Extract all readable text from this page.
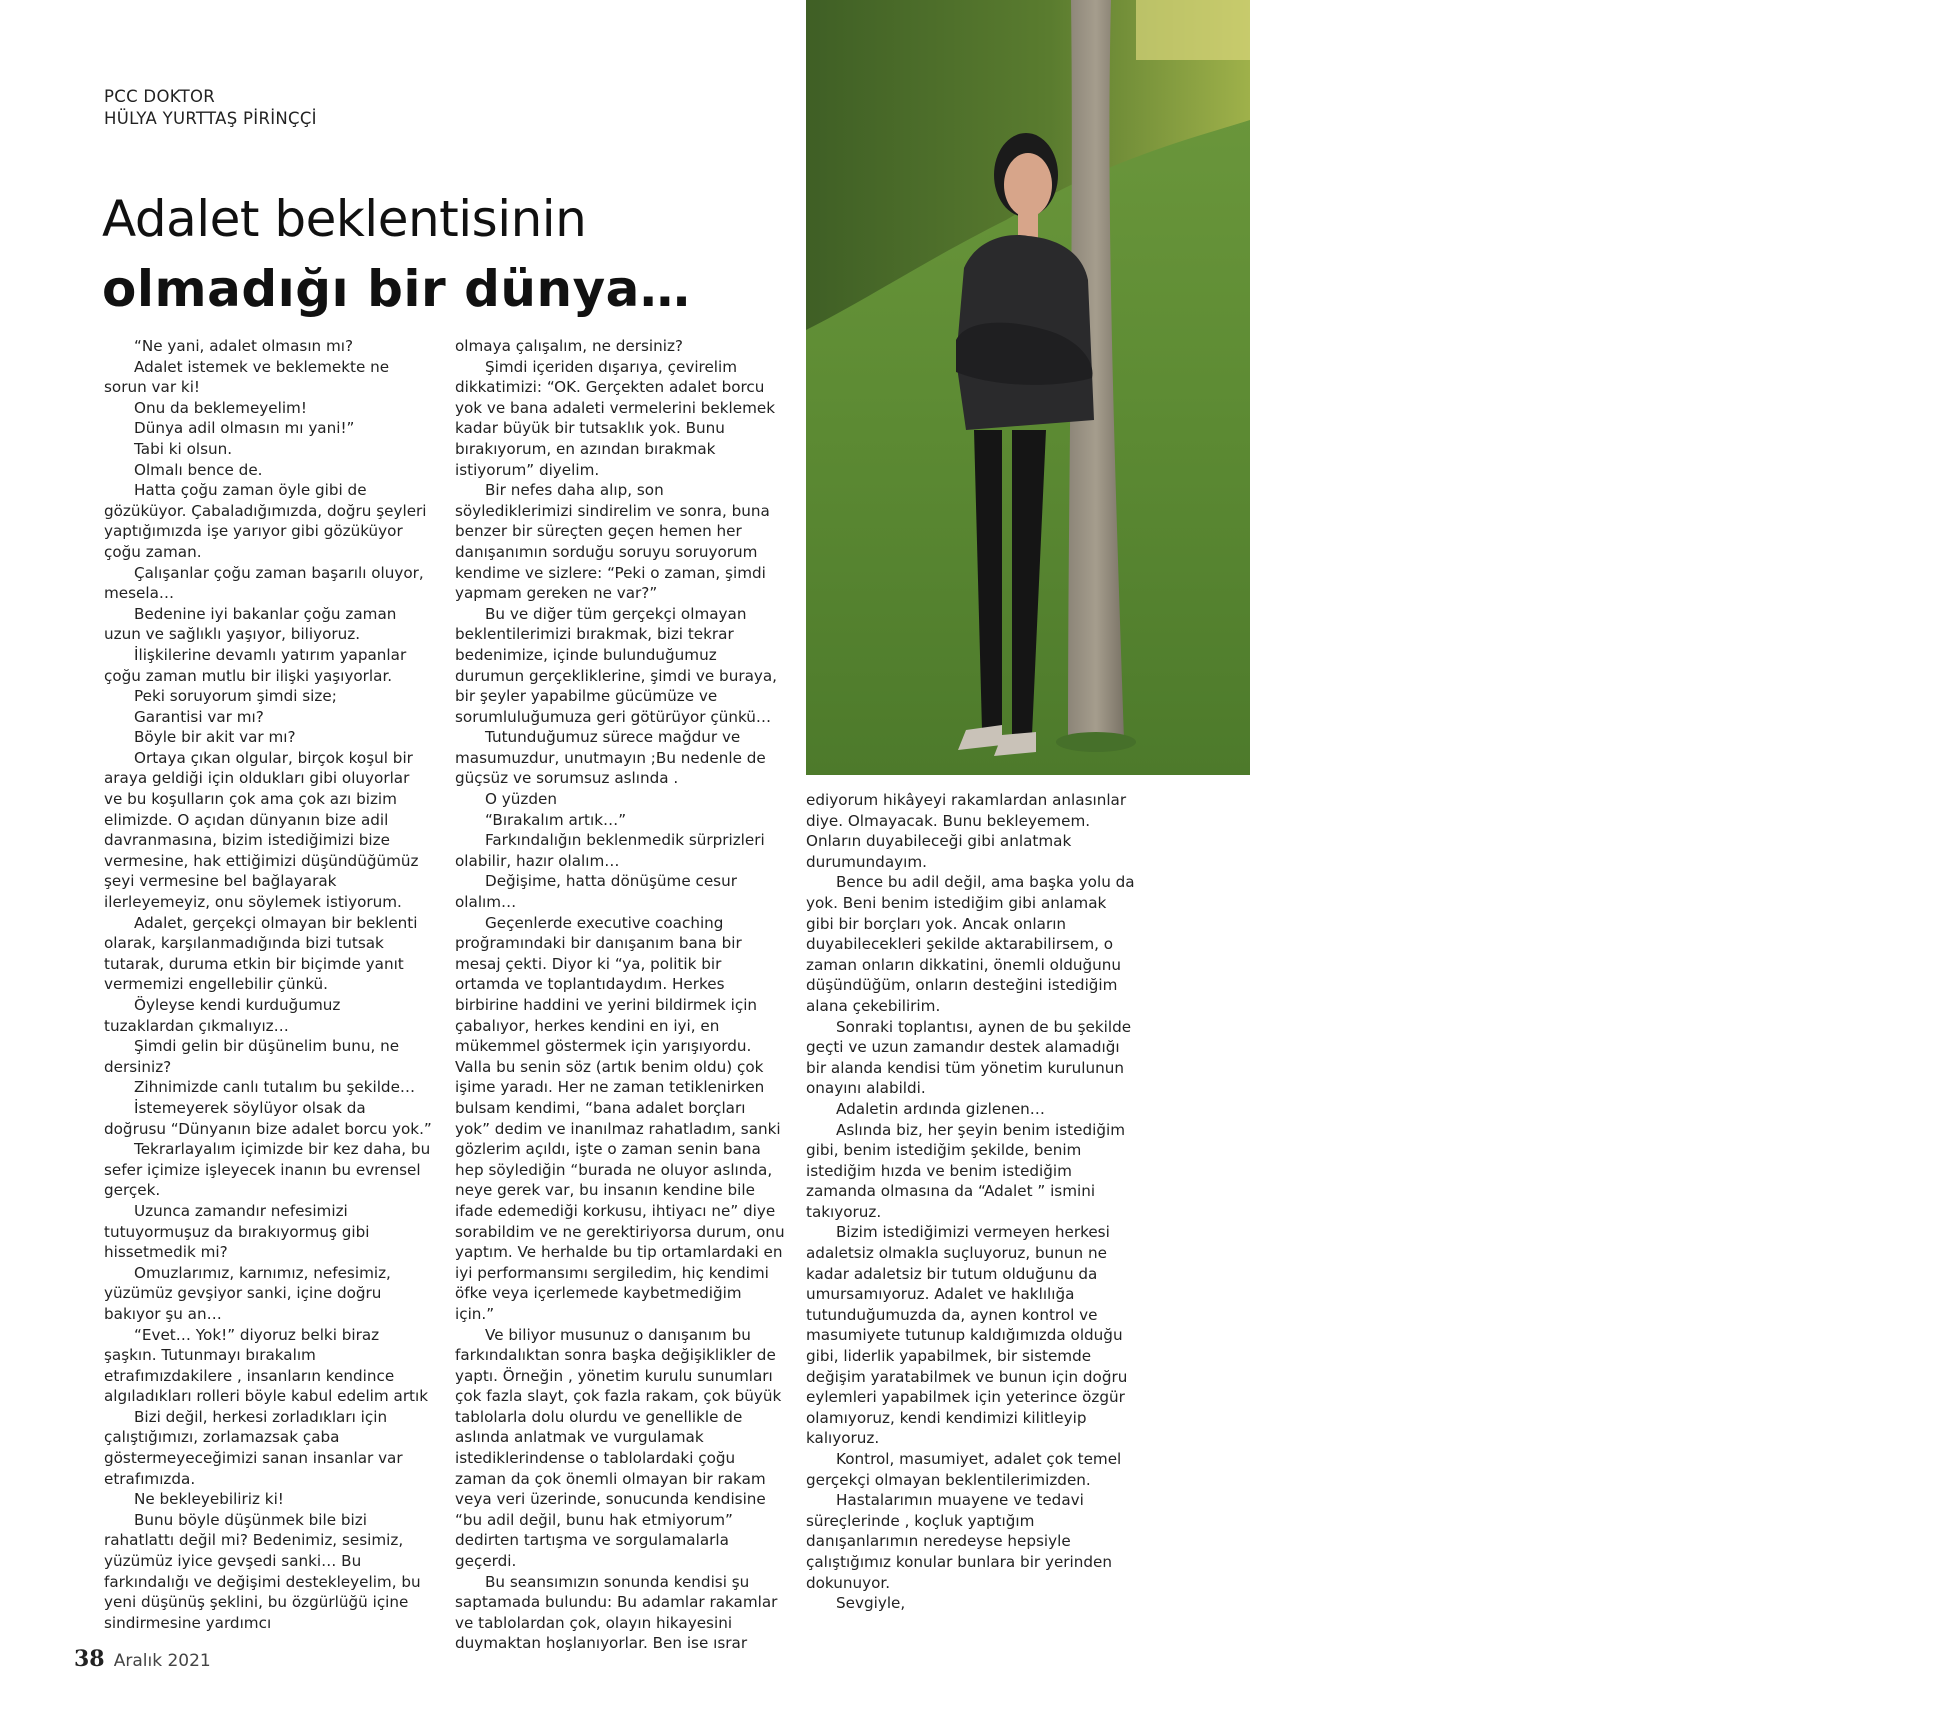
PCC DOKTOR
HÜLYA YURTTAŞ PİRİNÇÇİ
Adalet beklentisinin
olmadığı bir dünya…
bizimİzmir
Magazin

“Ne yani, adalet olmasın mı?

Adalet istemek ve beklemekte ne sorun var ki!

Onu da beklemeyelim!

Dünya adil olmasın mı yani!”

Tabi ki olsun.

Olmalı bence de.

Hatta çoğu zaman öyle gibi de gözüküyor. Çabaladığımızda, doğru şeyleri yaptığımızda işe yarıyor gibi gözüküyor çoğu zaman.

Çalışanlar çoğu zaman başarılı oluyor, mesela…

Bedenine iyi bakanlar çoğu zaman uzun ve sağlıklı yaşıyor, biliyoruz.

İlişkilerine devamlı yatırım yapanlar çoğu zaman mutlu bir ilişki yaşıyorlar.

Peki soruyorum şimdi size;

Garantisi var mı?

Böyle bir akit var mı?

Ortaya çıkan olgular, birçok koşul bir araya geldiği için oldukları gibi oluyorlar ve bu koşulların çok ama çok azı bizim elimizde. O açıdan dünyanın bize adil davranmasına, bizim istediğimizi bize vermesine, hak ettiğimizi düşündüğümüz şeyi vermesine bel bağlayarak ilerleyemeyiz, onu söylemek istiyorum.

Adalet, gerçekçi olmayan bir beklenti olarak, karşılanmadığında bizi tutsak tutarak, duruma etkin bir biçimde yanıt vermemizi engellebilir çünkü.

Öyleyse kendi kurduğumuz tuzaklardan çıkmalıyız…

Şimdi gelin bir düşünelim bunu, ne dersiniz?

Zihnimizde canlı tutalım bu şekilde…

İstemeyerek söylüyor olsak da doğrusu “Dünyanın bize adalet borcu yok.”

Tekrarlayalım içimizde bir kez daha, bu sefer içimize işleyecek inanın bu evrensel gerçek.

Uzunca zamandır nefesimizi tutuyormuşuz da bırakıyormuş gibi hissetmedik mi?

Omuzlarımız, karnımız, nefesimiz, yüzümüz gevşiyor sanki, içine doğru bakıyor şu an…

“Evet… Yok!” diyoruz belki biraz şaşkın. Tutunmayı bırakalım etrafımızdakilere , insanların kendince algıladıkları rolleri böyle kabul edelim artık

Bizi değil, herkesi zorladıkları için çalıştığımızı, zorlamazsak çaba göstermeyeceğimizi sanan insanlar var etrafımızda.

Ne bekleyebiliriz ki!

Bunu böyle düşünmek bile bizi rahatlattı değil mi? Bedenimiz, sesimiz, yüzümüz iyice gevşedi sanki… Bu farkındalığı ve değişimi destekleyelim, bu yeni düşünüş şeklini, bu özgürlüğü içine sindirmesine yardımcı

olmaya çalışalım, ne dersiniz?

Şimdi içeriden dışarıya, çevirelim dikkatimizi: “OK. Gerçekten adalet borcu yok ve bana adaleti vermelerini beklemek kadar büyük bir tutsaklık yok. Bunu bırakıyorum, en azından bırakmak istiyorum” diyelim.

Bir nefes daha alıp, son söylediklerimizi sindirelim ve sonra, buna benzer bir süreçten geçen hemen her danışanımın sorduğu soruyu soruyorum kendime ve sizlere: “Peki o zaman, şimdi yapmam gereken ne var?”

Bu ve diğer tüm gerçekçi olmayan beklentilerimizi bırakmak, bizi tekrar bedenimize, içinde bulunduğumuz durumun gerçekliklerine, şimdi ve buraya, bir şeyler yapabilme gücümüze ve sorumluluğumuza geri götürüyor çünkü…

Tutunduğumuz sürece mağdur ve masumuzdur, unutmayın ;Bu nedenle de güçsüz ve sorumsuz aslında .

O yüzden

“Bırakalım artık…”

Farkındalığın beklenmedik sürprizleri olabilir, hazır olalım…

Değişime, hatta dönüşüme cesur olalım…

Geçenlerde executive coaching proğramındaki bir danışanım bana bir mesaj çekti. Diyor ki “ya, politik bir ortamda ve toplantıdaydım. Herkes birbirine haddini ve yerini bildirmek için çabalıyor, herkes kendini en iyi, en mükemmel göstermek için yarışıyordu. Valla bu senin söz (artık benim oldu) çok işime yaradı. Her ne zaman tetiklenirken bulsam kendimi, “bana adalet borçları yok” dedim ve inanılmaz rahatladım, sanki gözlerim açıldı, işte o zaman senin bana hep söylediğin “burada ne oluyor aslında, neye gerek var, bu insanın kendine bile ifade edemediği korkusu, ihtiyacı ne” diye sorabildim ve ne gerektiriyorsa durum, onu yaptım. Ve herhalde bu tip ortamlardaki en iyi performansımı sergiledim, hiç kendimi öfke veya içerlemede kaybetmediğim için.”

Ve biliyor musunuz o danışanım bu farkındalıktan sonra başka değişiklikler de yaptı. Örneğin , yönetim kurulu sunumları çok fazla slayt, çok fazla rakam, çok büyük tablolarla dolu olurdu ve genellikle de aslında anlatmak ve vurgulamak istediklerindense o tablolardaki çoğu zaman da çok önemli olmayan bir rakam veya veri üzerinde, sonucunda kendisine “bu adil değil, bunu hak etmiyorum” dedirten tartışma ve sorgulamalarla geçerdi.

Bu seansımızın sonunda kendisi şu saptamada bulundu: Bu adamlar rakamlar ve tablolardan çok, olayın hikayesini duymaktan hoşlanıyorlar. Ben ise ısrar

ediyorum hikâyeyi rakamlardan anlasınlar diye. Olmayacak. Bunu bekleyemem. Onların duyabileceği gibi anlatmak durumundayım.

Bence bu adil değil, ama başka yolu da yok. Beni benim istediğim gibi anlamak gibi bir borçları yok. Ancak onların duyabilecekleri şekilde aktarabilirsem, o zaman onların dikkatini, önemli olduğunu düşündüğüm, onların desteğini istediğim alana çekebilirim.

Sonraki toplantısı, aynen de bu şekilde geçti ve uzun zamandır destek alamadığı bir alanda kendisi tüm yönetim kurulunun onayını alabildi.

Adaletin ardında gizlenen…

Aslında biz, her şeyin benim istediğim gibi, benim istediğim şekilde, benim istediğim hızda ve benim istediğim zamanda olmasına da “Adalet ” ismini takıyoruz.

Bizim istediğimizi vermeyen herkesi adaletsiz olmakla suçluyoruz, bunun ne kadar adaletsiz bir tutum olduğunu da umursamıyoruz. Adalet ve haklılığa tutunduğumuzda da, aynen kontrol ve masumiyete tutunup kaldığımızda olduğu gibi, liderlik yapabilmek, bir sistemde değişim yaratabilmek ve bunun için doğru eylemleri yapabilmek için yeterince özgür olamıyoruz, kendi kendimizi kilitleyip kalıyoruz.

Kontrol, masumiyet, adalet çok temel gerçekçi olmayan beklentilerimizden.

Hastalarımın muayene ve tedavi süreçlerinde , koçluk yaptığım danışanlarımın neredeyse hepsiyle çalıştığımız konular bunlara bir yerinden dokunuyor.

Sevgiyle,

38 Aralık 2021
